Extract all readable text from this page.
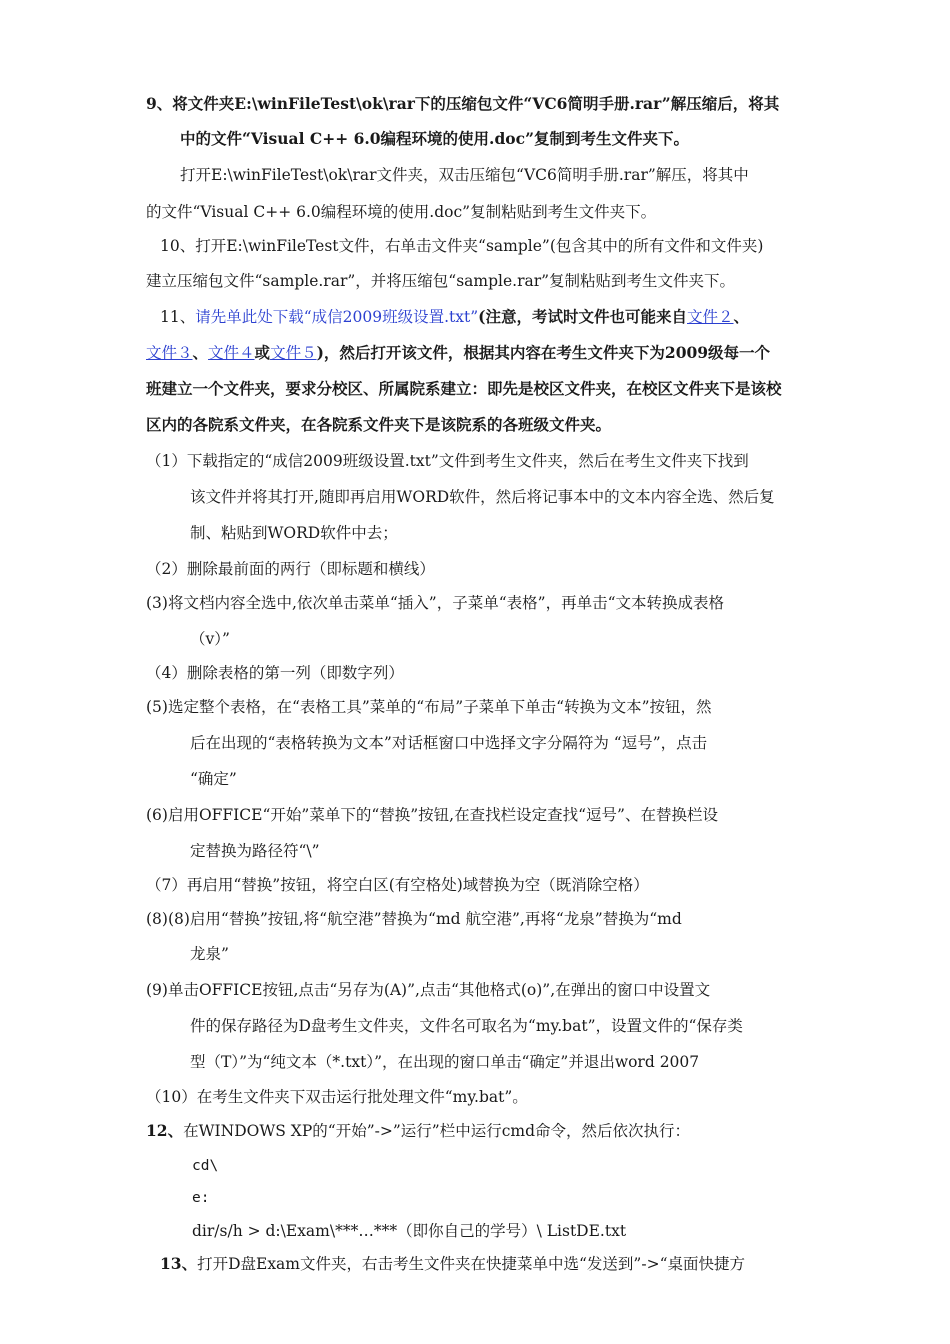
9、将文件夹E:\winFileTest\ok\rar下的压缩包文件“VC6简明手册.rar”解压缩后，将其
中的文件“Visual C++ 6.0编程环境的使用.doc”复制到考生文件夹下。
打开E:\winFileTest\ok\rar文件夹，双击压缩包“VC6简明手册.rar”解压，将其中
的文件“Visual C++ 6.0编程环境的使用.doc”复制粘贴到考生文件夹下。
10、打开E:\winFileTest文件，右单击文件夹“sample”(包含其中的所有文件和文件夹)
建立压缩包文件“sample.rar”，并将压缩包“sample.rar”复制粘贴到考生文件夹下。
11、请先单此处下载“成信2009班级设置.txt”(注意，考试时文件也可能来自文件２、
文件３、文件４或文件５)，然后打开该文件，根据其内容在考生文件夹下为2009级每一个
班建立一个文件夹，要求分校区、所属院系建立：即先是校区文件夹，在校区文件夹下是该校
区内的各院系文件夹，在各院系文件夹下是该院系的各班级文件夹。
（1）下载指定的“成信2009班级设置.txt”文件到考生文件夹，然后在考生文件夹下找到
该文件并将其打开,随即再启用WORD软件，然后将记事本中的文本内容全选、然后复
制、粘贴到WORD软件中去；
（2）删除最前面的两行（即标题和横线）
(3)将文档内容全选中,依次单击菜单“插入”，子菜单“表格”，再单击“文本转换成表格
（v）”
（4）删除表格的第一列（即数字列）
(5)选定整个表格，在“表格工具”菜单的“布局”子菜单下单击“转换为文本”按钮，然
后在出现的“表格转换为文本”对话框窗口中选择文字分隔符为 “逗号”，点击
“确定”
(6)启用OFFICE“开始”菜单下的“替换”按钮,在查找栏设定查找“逗号”、在替换栏设
定替换为路径符“\”
（7）再启用“替换”按钮，将空白区(有空格处)域替换为空（既消除空格）
(8)(8)启用“替换”按钮,将“航空港”替换为“md 航空港”,再将“龙泉”替换为“md
龙泉”
(9)单击OFFICE按钮,点击“另存为(A)”,点击“其他格式(o)”,在弹出的窗口中设置文
件的保存路径为D盘考生文件夹，文件名可取名为“my.bat”，设置文件的“保存类
型（T）”为“纯文本（*.txt）”，在出现的窗口单击“确定”并退出word 2007
（10）在考生文件夹下双击运行批处理文件“my.bat”。
12、在WINDOWS XP的“开始”->”运行”栏中运行cmd命令，然后依次执行：
cd\
e:
dir/s/h > d:\Exam\***…***（即你自己的学号）\ ListDE.txt
13、打开D盘Exam文件夹，右击考生文件夹在快捷菜单中选“发送到”->“桌面快捷方
